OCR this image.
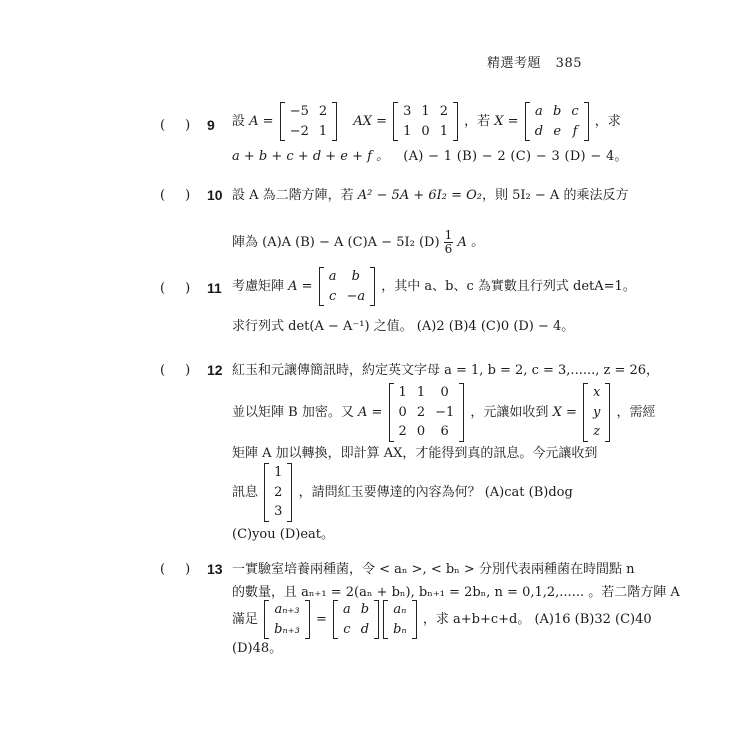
精選考題 385
( ) 9 設 A =
−5	2
−2	1
AX =
3	1	2
1	0	1
，若 X =
a	b	c
d	e	f
，求
a + b + c + d + e + f 。 (A) − 1 (B) − 2 (C) − 3 (D) − 4。
( ) 10 設 A 為二階方陣，若 A² − 5A + 6I₂ = O₂，則 5I₂ − A 的乘法反方
陣為 (A)A (B) − A (C)A − 5I₂ $(D) \frac{1}{6}$ A 。
( ) 11 考慮矩陣 A =
a	b
c	−a
，其中 a、b、c 為實數且行列式 detA=1。
求行列式 det(A − A⁻¹) 之值。 (A)2 (B)4 (C)0 (D) − 4。
( ) 12 紅玉和元讓傳簡訊時，約定英文字母 a = 1, b = 2, c = 3,......, z = 26，
並以矩陣 B 加密。又 A =
1	1	0
0	2	−1
2	0	6
，元讓如收到 X =
x
y
z
，需經
矩陣 A 加以轉換，即計算 AX，才能得到真的訊息。今元讓收到
訊息
1
2
3
，請問紅玉要傳達的內容為何？ (A)cat (B)dog
(C)you (D)eat。
( ) 13 一實驗室培養兩種菌，令 < aₙ >, < bₙ > 分別代表兩種菌在時間點 n
的數量，且 aₙ₊₁ = 2(aₙ + bₙ), bₙ₊₁ = 2bₙ, n = 0,1,2,...... 。若二階方陣 A
滿足
aₙ₊₃
bₙ₊₃
=
a	b
c	d
aₙ
bₙ
，求 a+b+c+d。 (A)16 (B)32 (C)40
(D)48。
